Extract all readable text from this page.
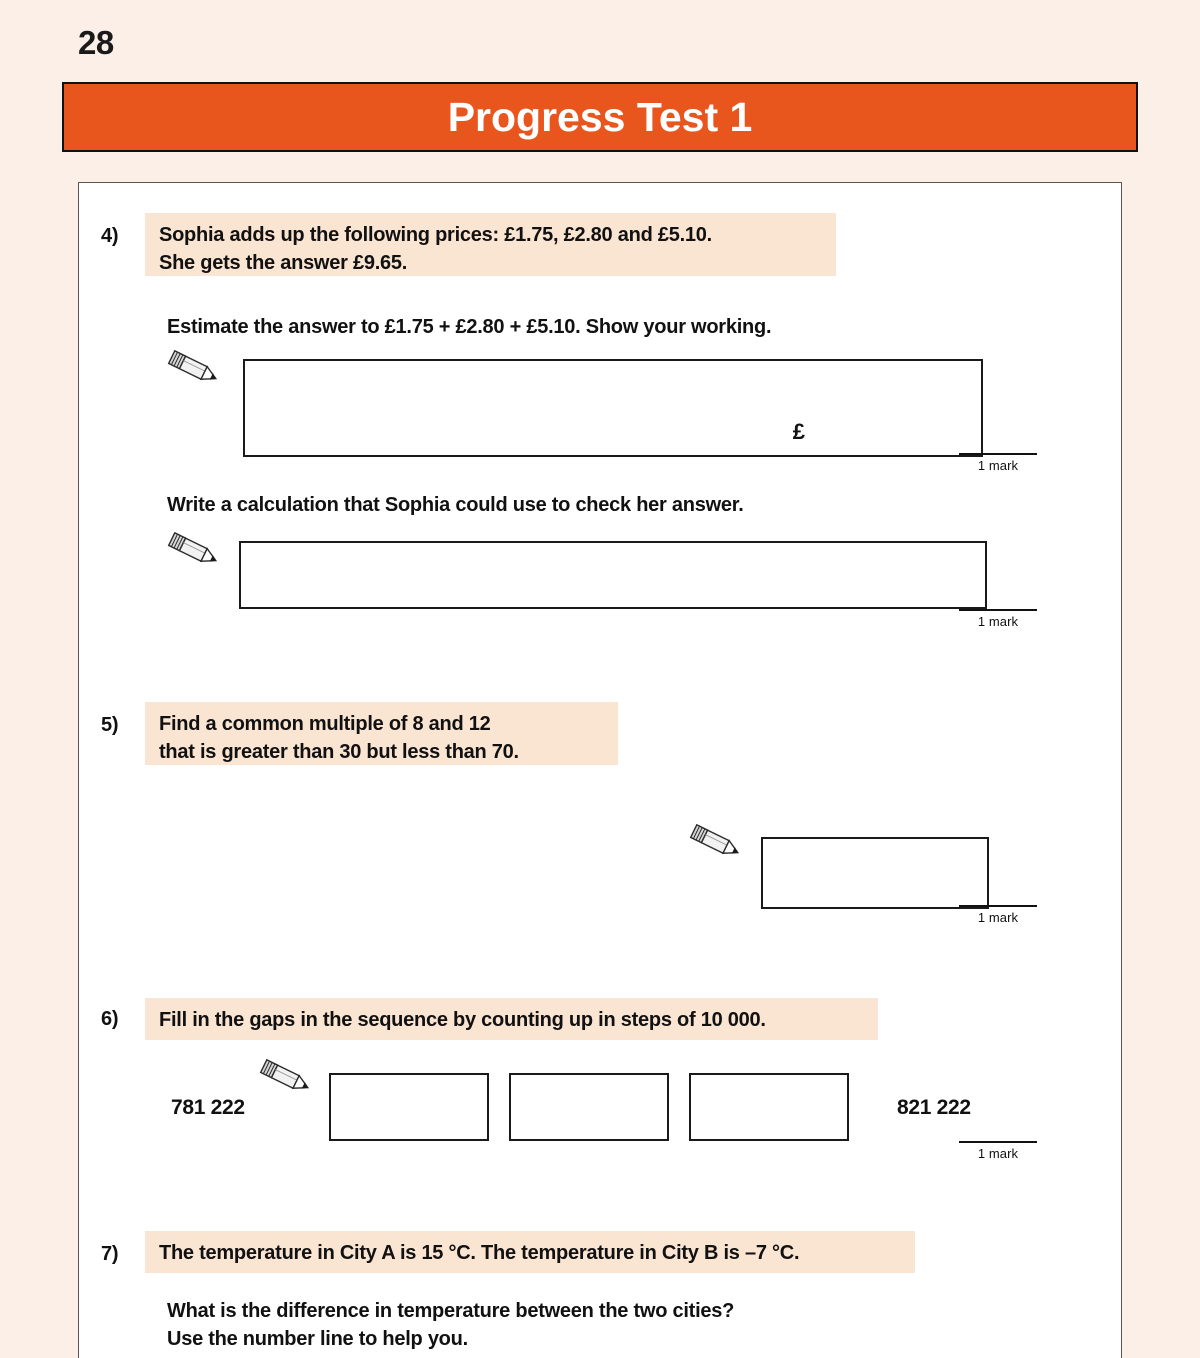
28
Progress Test 1
4) Sophia adds up the following prices: £1.75, £2.80 and £5.10.
She gets the answer £9.65.
Estimate the answer to £1.75 + £2.80 + £5.10. Show your working.
£
1 mark
Write a calculation that Sophia could use to check her answer.
1 mark
5) Find a common multiple of 8 and 12
that is greater than 30 but less than 70.
1 mark
6) Fill in the gaps in the sequence by counting up in steps of 10 000.
781 222	821 222
1 mark
7) The temperature in City A is 15 °C. The temperature in City B is –7 °C.
What is the difference in temperature between the two cities?
Use the number line to help you.
